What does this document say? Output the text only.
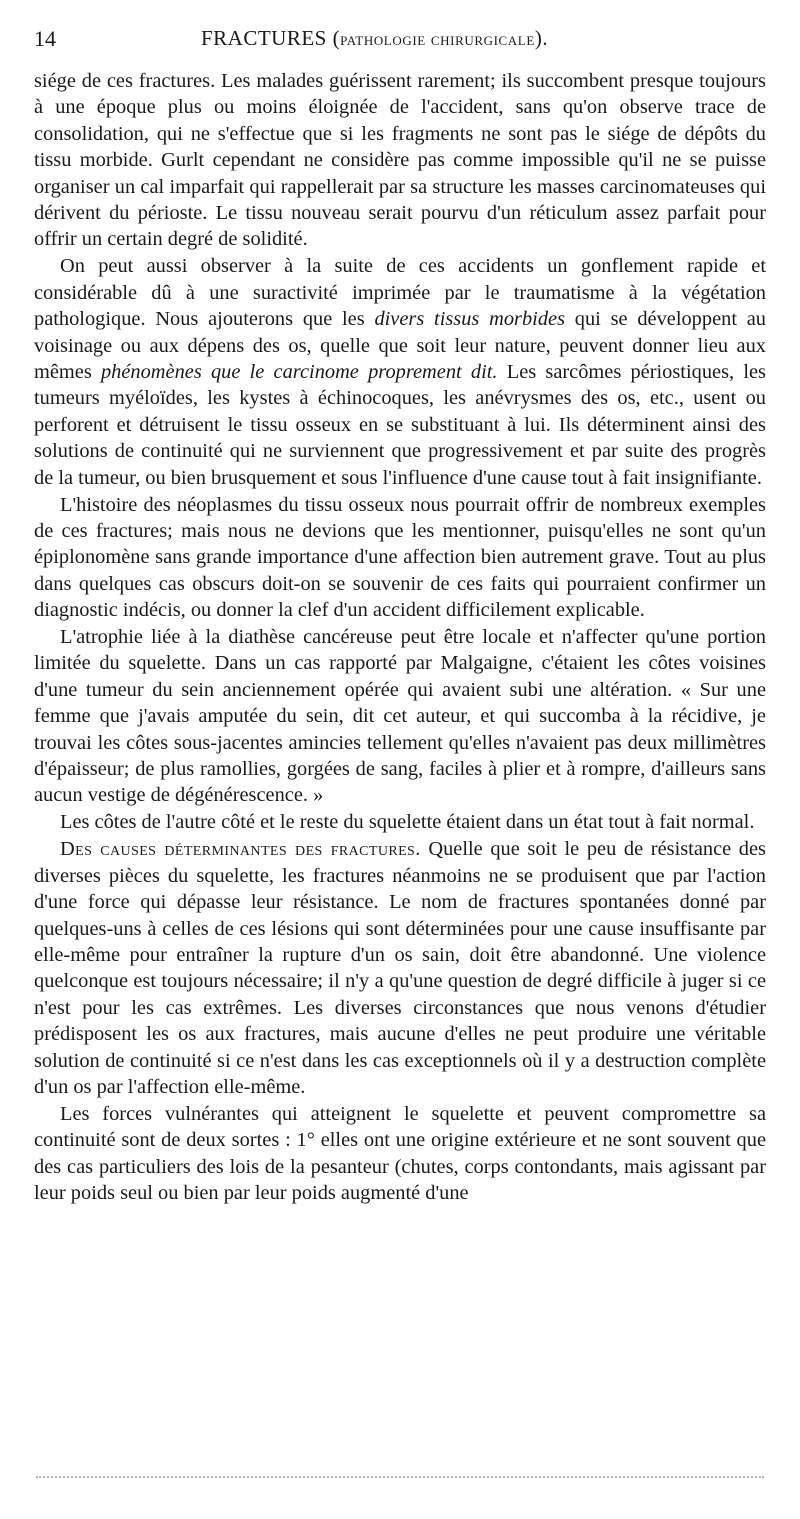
14	FRACTURES (pathologie chirurgicale).

siége de ces fractures. Les malades guérissent rarement; ils succombent presque toujours à une époque plus ou moins éloignée de l'accident, sans qu'on observe trace de consolidation, qui ne s'effectue que si les fragments ne sont pas le siége de dépôts du tissu morbide. Gurlt cependant ne considère pas comme impossible qu'il ne se puisse organiser un cal imparfait qui rappellerait par sa structure les masses carcinomateuses qui dérivent du périoste. Le tissu nouveau serait pourvu d'un réticulum assez parfait pour offrir un certain degré de solidité.

On peut aussi observer à la suite de ces accidents un gonflement rapide et considérable dû à une suractivité imprimée par le traumatisme à la végétation pathologique. Nous ajouterons que les divers tissus morbides qui se développent au voisinage ou aux dépens des os, quelle que soit leur nature, peuvent donner lieu aux mêmes phénomènes que le carcinome proprement dit. Les sarcômes périostiques, les tumeurs myéloïdes, les kystes à échinocoques, les anévrysmes des os, etc., usent ou perforent et détruisent le tissu osseux en se substituant à lui. Ils déterminent ainsi des solutions de continuité qui ne surviennent que progressivement et par suite des progrès de la tumeur, ou bien brusquement et sous l'influence d'une cause tout à fait insignifiante.

L'histoire des néoplasmes du tissu osseux nous pourrait offrir de nombreux exemples de ces fractures; mais nous ne devions que les mentionner, puisqu'elles ne sont qu'un épiplonomène sans grande importance d'une affection bien autrement grave. Tout au plus dans quelques cas obscurs doit-on se souvenir de ces faits qui pourraient confirmer un diagnostic indécis, ou donner la clef d'un accident difficilement explicable.

L'atrophie liée à la diathèse cancéreuse peut être locale et n'affecter qu'une portion limitée du squelette. Dans un cas rapporté par Malgaigne, c'étaient les côtes voisines d'une tumeur du sein anciennement opérée qui avaient subi une altération. « Sur une femme que j'avais amputée du sein, dit cet auteur, et qui succomba à la récidive, je trouvai les côtes sous-jacentes amincies tellement qu'elles n'avaient pas deux millimètres d'épaisseur; de plus ramollies, gorgées de sang, faciles à plier et à rompre, d'ailleurs sans aucun vestige de dégénérescence. »

Les côtes de l'autre côté et le reste du squelette étaient dans un état tout à fait normal.

Des causes déterminantes des fractures. Quelle que soit le peu de résistance des diverses pièces du squelette, les fractures néanmoins ne se produisent que par l'action d'une force qui dépasse leur résistance. Le nom de fractures spontanées donné par quelques-uns à celles de ces lésions qui sont déterminées pour une cause insuffisante par elle-même pour entraîner la rupture d'un os sain, doit être abandonné. Une violence quelconque est toujours nécessaire; il n'y a qu'une question de degré difficile à juger si ce n'est pour les cas extrêmes. Les diverses circonstances que nous venons d'étudier prédisposent les os aux fractures, mais aucune d'elles ne peut produire une véritable solution de continuité si ce n'est dans les cas exceptionnels où il y a destruction complète d'un os par l'affection elle-même.

Les forces vulnérantes qui atteignent le squelette et peuvent compromettre sa continuité sont de deux sortes : 1° elles ont une origine extérieure et ne sont souvent que des cas particuliers des lois de la pesanteur (chutes, corps contondants, mais agissant par leur poids seul ou bien par leur poids augmenté d'une
